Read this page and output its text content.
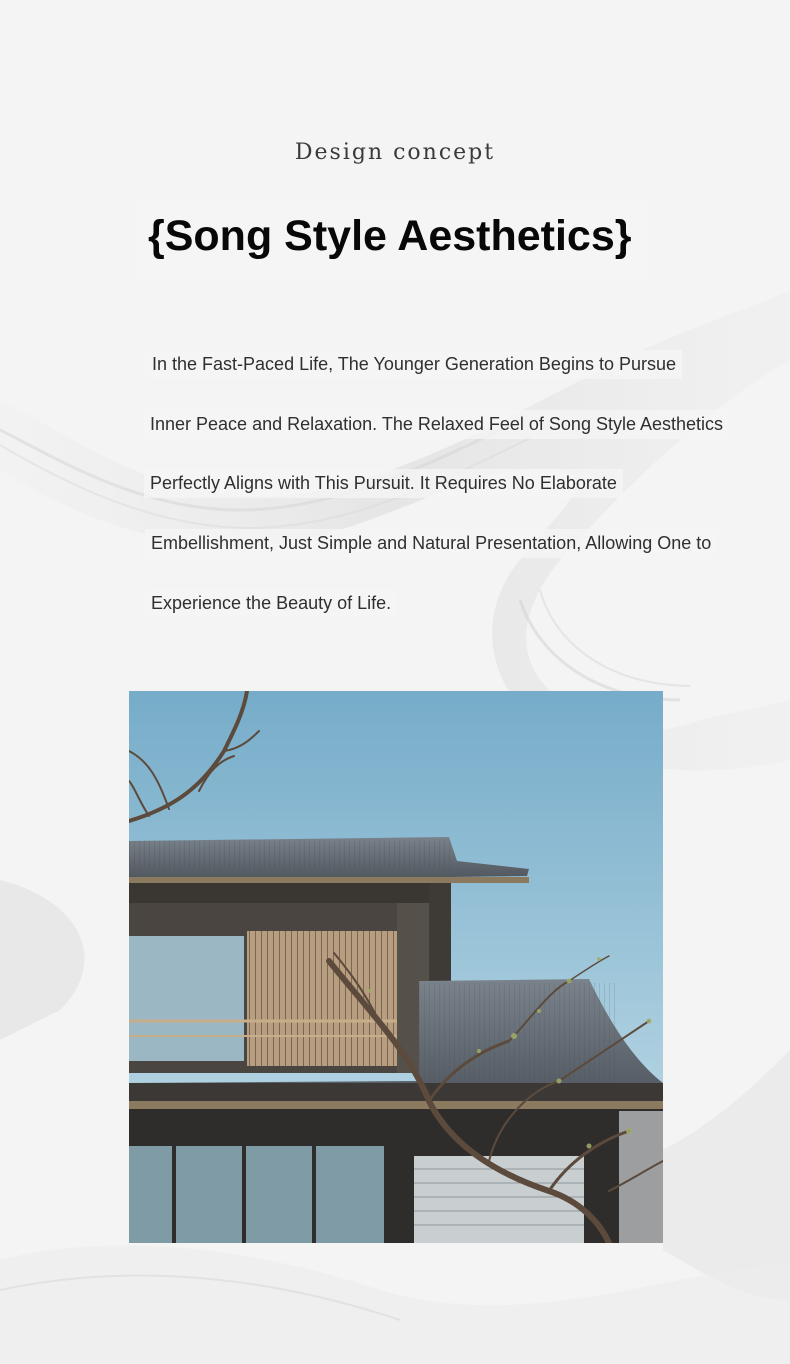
Design concept
{Song Style Aesthetics}
In the Fast-Paced Life, The Younger Generation Begins to Pursue
Inner Peace and Relaxation. The Relaxed Feel of Song Style Aesthetics
Perfectly Aligns with This Pursuit. It Requires No Elaborate
Embellishment, Just Simple and Natural Presentation, Allowing One to
Experience the Beauty of Life.
